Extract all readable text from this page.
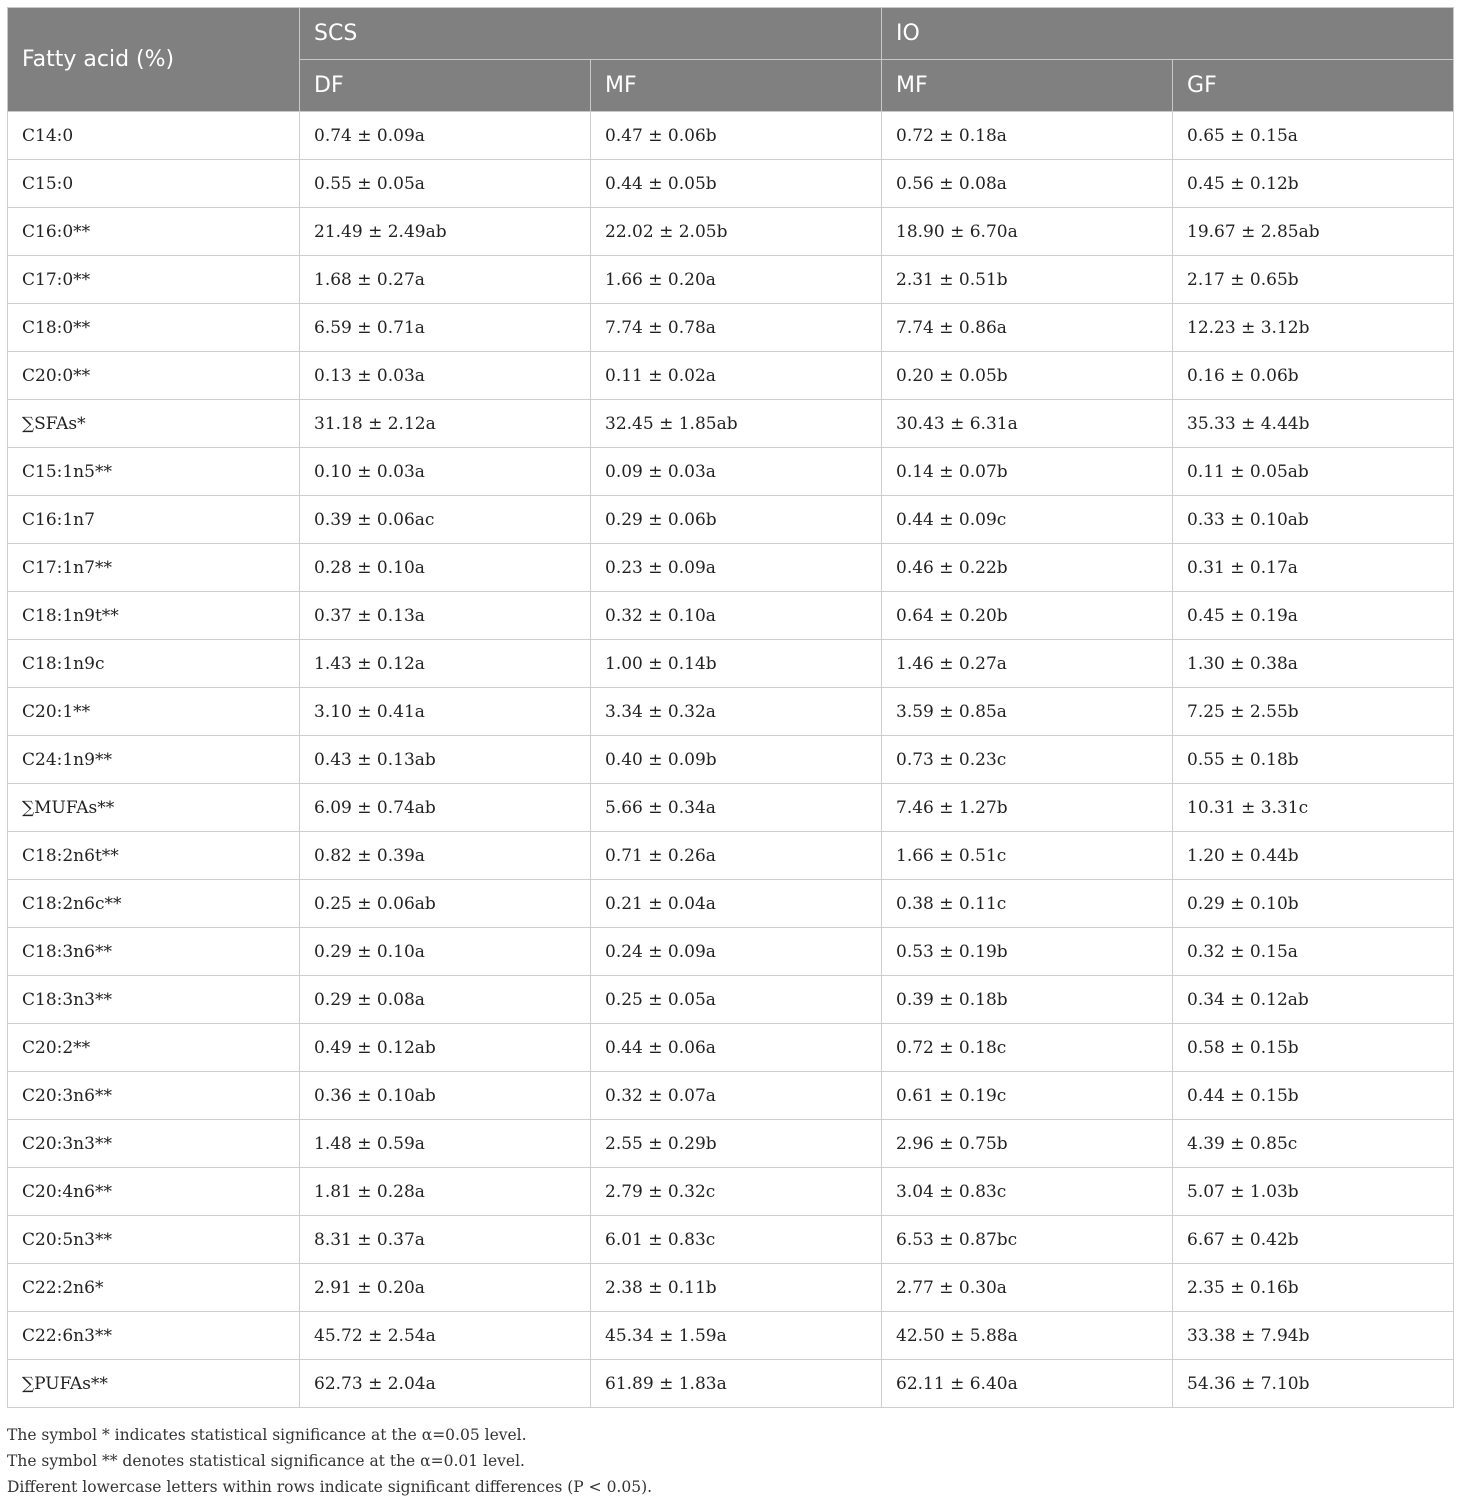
Fatty acid (%)	SCS		IO	
	DF	MF	MF	GF
C14:0	0.74 ± 0.09a	0.47 ± 0.06b	0.72 ± 0.18a	0.65 ± 0.15a
C15:0	0.55 ± 0.05a	0.44 ± 0.05b	0.56 ± 0.08a	0.45 ± 0.12b
C16:0**	21.49 ± 2.49ab	22.02 ± 2.05b	18.90 ± 6.70a	19.67 ± 2.85ab
C17:0**	1.68 ± 0.27a	1.66 ± 0.20a	2.31 ± 0.51b	2.17 ± 0.65b
C18:0**	6.59 ± 0.71a	7.74 ± 0.78a	7.74 ± 0.86a	12.23 ± 3.12b
C20:0**	0.13 ± 0.03a	0.11 ± 0.02a	0.20 ± 0.05b	0.16 ± 0.06b
∑SFAs*	31.18 ± 2.12a	32.45 ± 1.85ab	30.43 ± 6.31a	35.33 ± 4.44b
C15:1n5**	0.10 ± 0.03a	0.09 ± 0.03a	0.14 ± 0.07b	0.11 ± 0.05ab
C16:1n7	0.39 ± 0.06ac	0.29 ± 0.06b	0.44 ± 0.09c	0.33 ± 0.10ab
C17:1n7**	0.28 ± 0.10a	0.23 ± 0.09a	0.46 ± 0.22b	0.31 ± 0.17a
C18:1n9t**	0.37 ± 0.13a	0.32 ± 0.10a	0.64 ± 0.20b	0.45 ± 0.19a
C18:1n9c	1.43 ± 0.12a	1.00 ± 0.14b	1.46 ± 0.27a	1.30 ± 0.38a
C20:1**	3.10 ± 0.41a	3.34 ± 0.32a	3.59 ± 0.85a	7.25 ± 2.55b
C24:1n9**	0.43 ± 0.13ab	0.40 ± 0.09b	0.73 ± 0.23c	0.55 ± 0.18b
∑MUFAs**	6.09 ± 0.74ab	5.66 ± 0.34a	7.46 ± 1.27b	10.31 ± 3.31c
C18:2n6t**	0.82 ± 0.39a	0.71 ± 0.26a	1.66 ± 0.51c	1.20 ± 0.44b
C18:2n6c**	0.25 ± 0.06ab	0.21 ± 0.04a	0.38 ± 0.11c	0.29 ± 0.10b
C18:3n6**	0.29 ± 0.10a	0.24 ± 0.09a	0.53 ± 0.19b	0.32 ± 0.15a
C18:3n3**	0.29 ± 0.08a	0.25 ± 0.05a	0.39 ± 0.18b	0.34 ± 0.12ab
C20:2**	0.49 ± 0.12ab	0.44 ± 0.06a	0.72 ± 0.18c	0.58 ± 0.15b
C20:3n6**	0.36 ± 0.10ab	0.32 ± 0.07a	0.61 ± 0.19c	0.44 ± 0.15b
C20:3n3**	1.48 ± 0.59a	2.55 ± 0.29b	2.96 ± 0.75b	4.39 ± 0.85c
C20:4n6**	1.81 ± 0.28a	2.79 ± 0.32c	3.04 ± 0.83c	5.07 ± 1.03b
C20:5n3**	8.31 ± 0.37a	6.01 ± 0.83c	6.53 ± 0.87bc	6.67 ± 0.42b
C22:2n6*	2.91 ± 0.20a	2.38 ± 0.11b	2.77 ± 0.30a	2.35 ± 0.16b
C22:6n3**	45.72 ± 2.54a	45.34 ± 1.59a	42.50 ± 5.88a	33.38 ± 7.94b
∑PUFAs**	62.73 ± 2.04a	61.89 ± 1.83a	62.11 ± 6.40a	54.36 ± 7.10b
The symbol * indicates statistical significance at the α=0.05 level.
The symbol ** denotes statistical significance at the α=0.01 level.
Different lowercase letters within rows indicate significant differences (P < 0.05).
